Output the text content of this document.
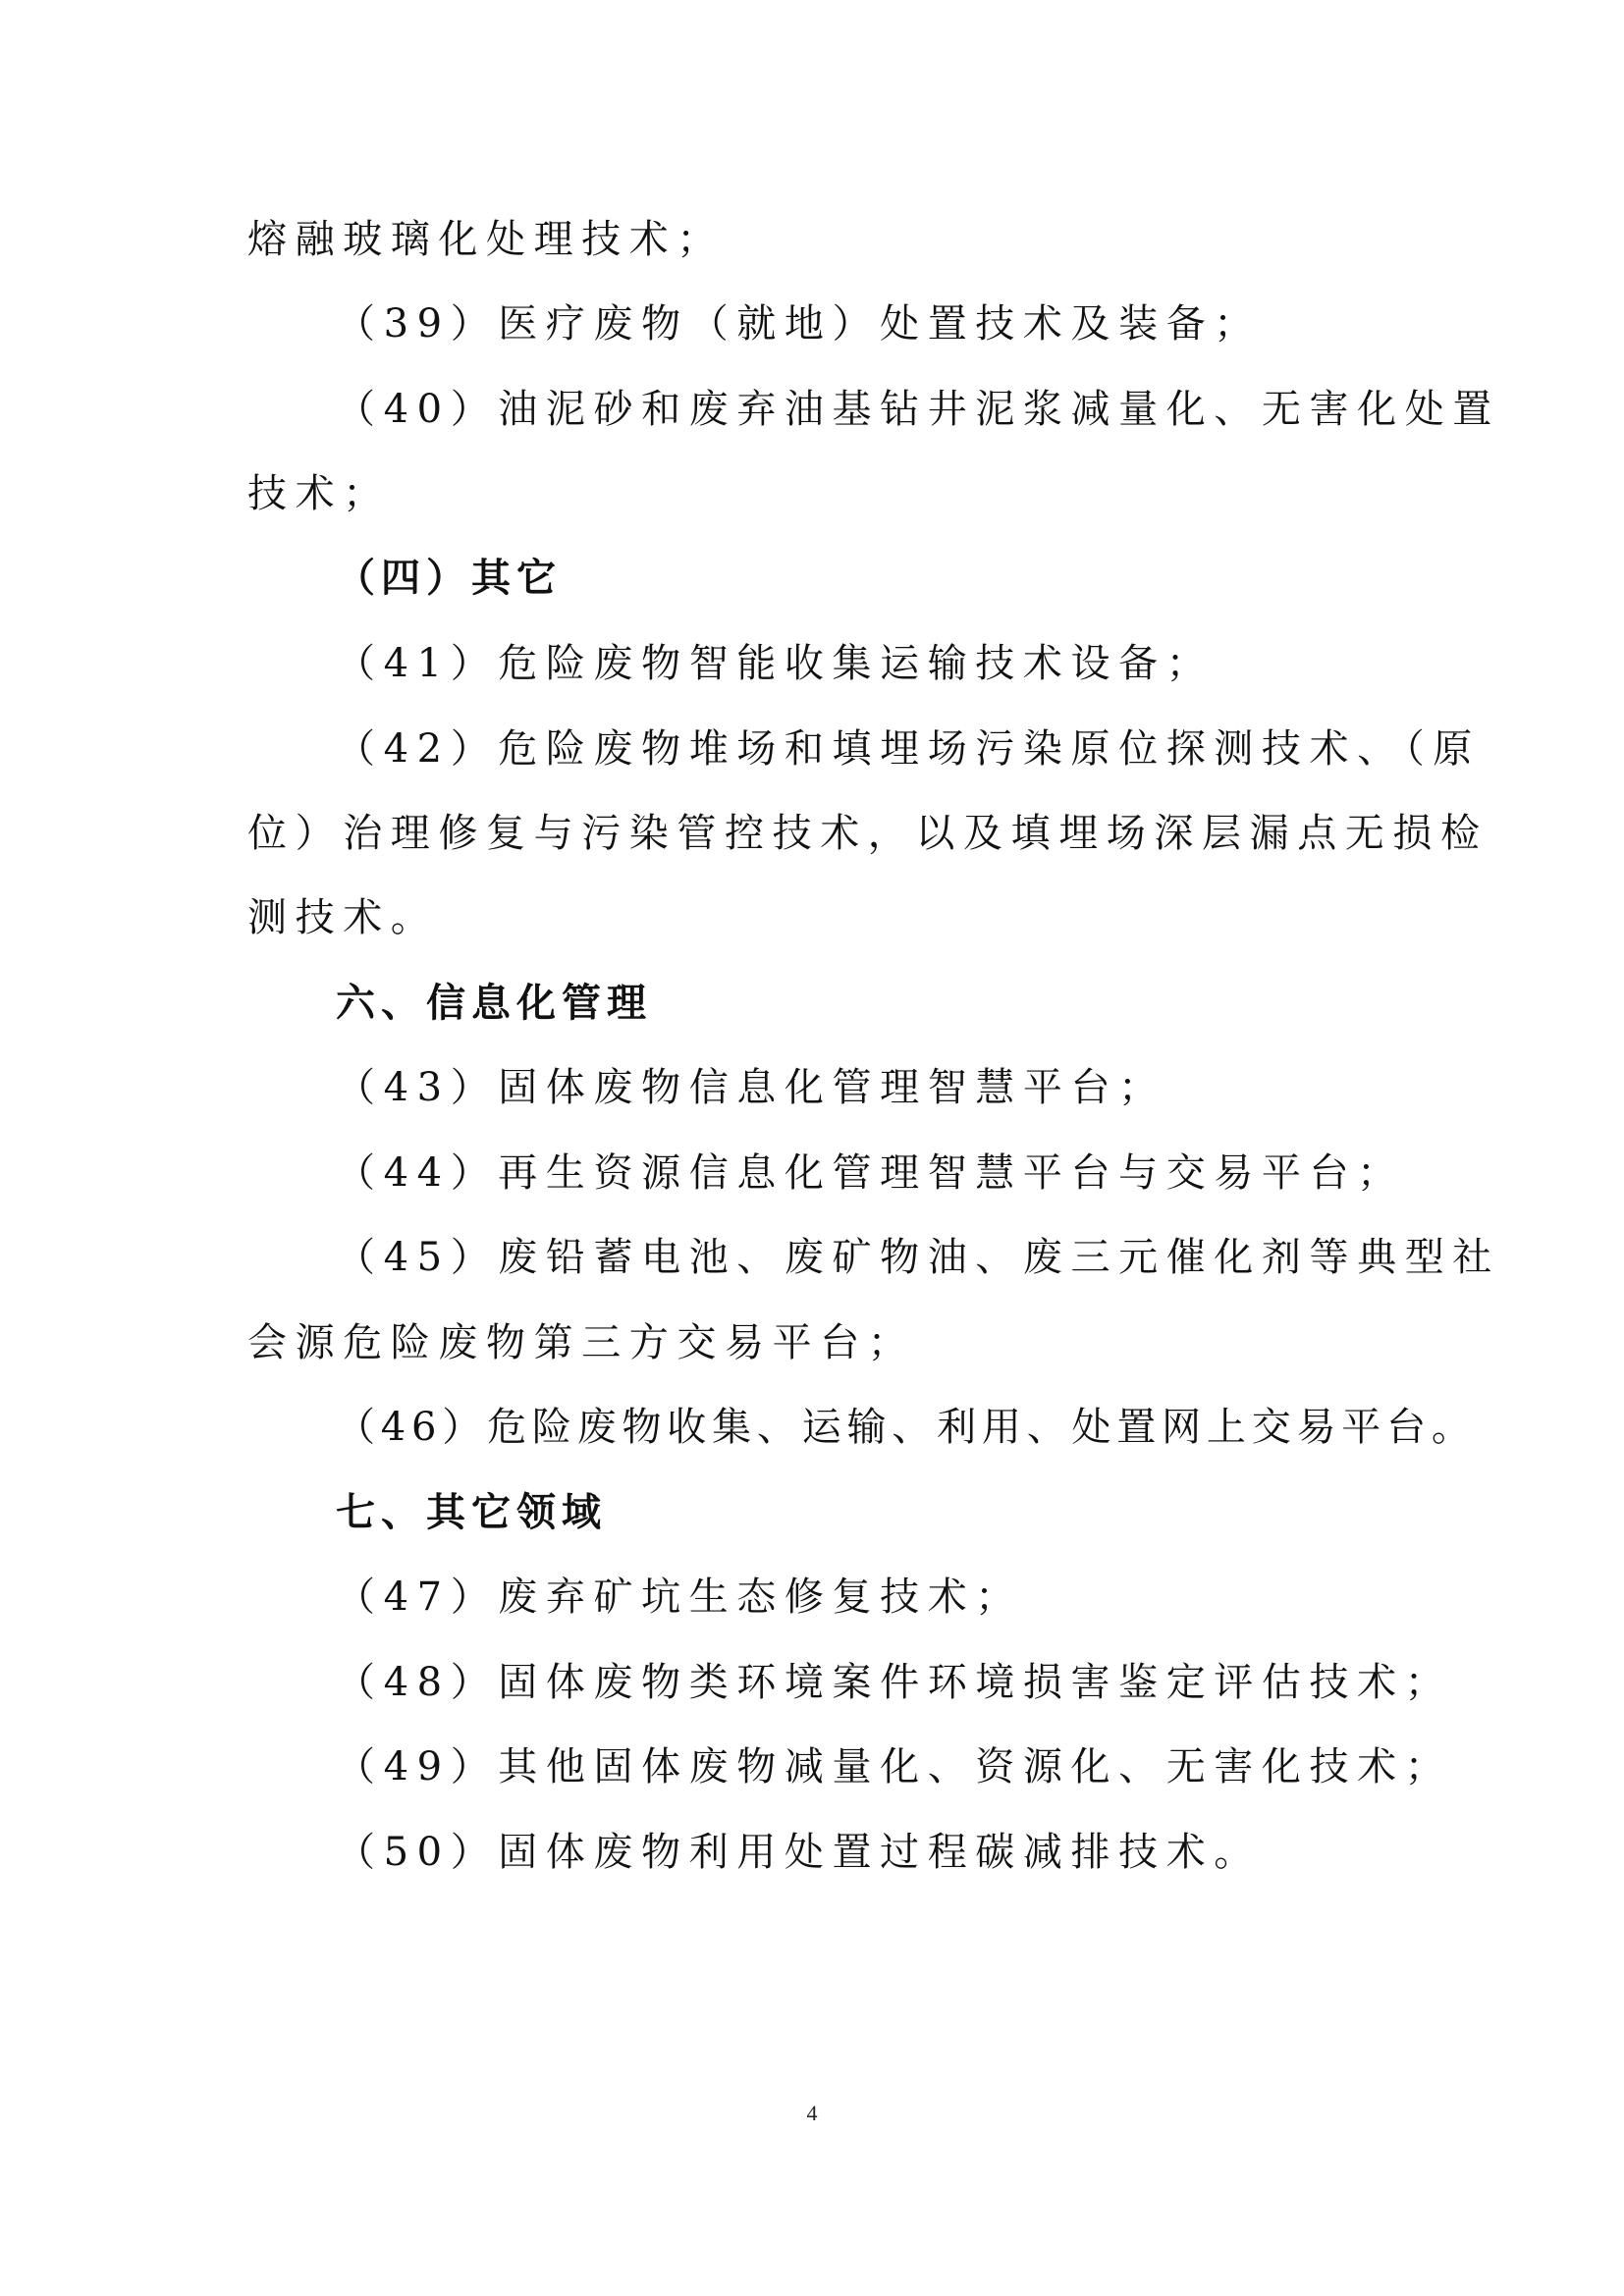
熔融玻璃化处理技术；
（39）医疗废物（就地）处置技术及装备；
（40）油泥砂和废弃油基钻井泥浆减量化、无害化处置
技术；
（四）其它
（41）危险废物智能收集运输技术设备；
（42）危险废物堆场和填埋场污染原位探测技术、（原
位）治理修复与污染管控技术，以及填埋场深层漏点无损检
测技术。
六、信息化管理
（43）固体废物信息化管理智慧平台；
（44）再生资源信息化管理智慧平台与交易平台；
（45）废铅蓄电池、废矿物油、废三元催化剂等典型社
会源危险废物第三方交易平台；
（46）危险废物收集、运输、利用、处置网上交易平台。
七、其它领域
（47）废弃矿坑生态修复技术；
（48）固体废物类环境案件环境损害鉴定评估技术；
（49）其他固体废物减量化、资源化、无害化技术；
（50）固体废物利用处置过程碳减排技术。
4
